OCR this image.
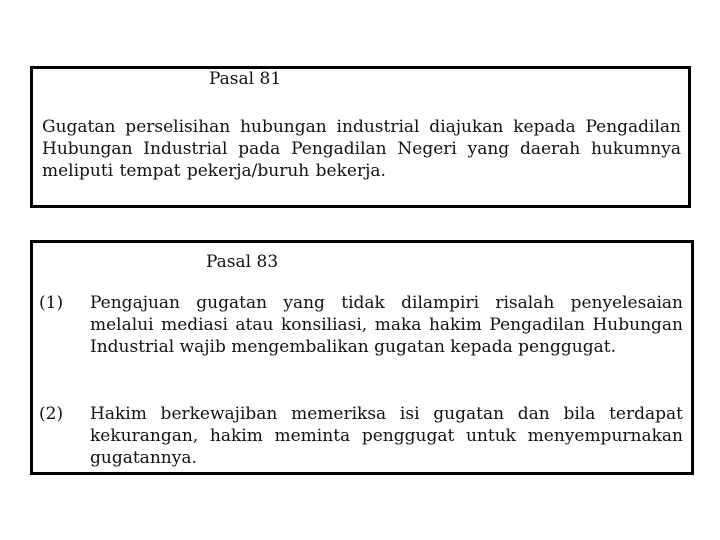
Pasal 81
Gugatan perselisihan hubungan industrial diajukan kepada Pengadilan Hubungan Industrial pada Pengadilan Negeri yang daerah hukumnya meliputi tempat pekerja/buruh bekerja.
Pasal 83
(1) Pengajuan gugatan yang tidak dilampiri risalah penyelesaian melalui mediasi atau konsiliasi, maka hakim Pengadilan Hubungan Industrial wajib mengembalikan gugatan kepada penggugat.
(2) Hakim berkewajiban memeriksa isi gugatan dan bila terdapat kekurangan, hakim meminta penggugat untuk menyempurnakan gugatannya.
